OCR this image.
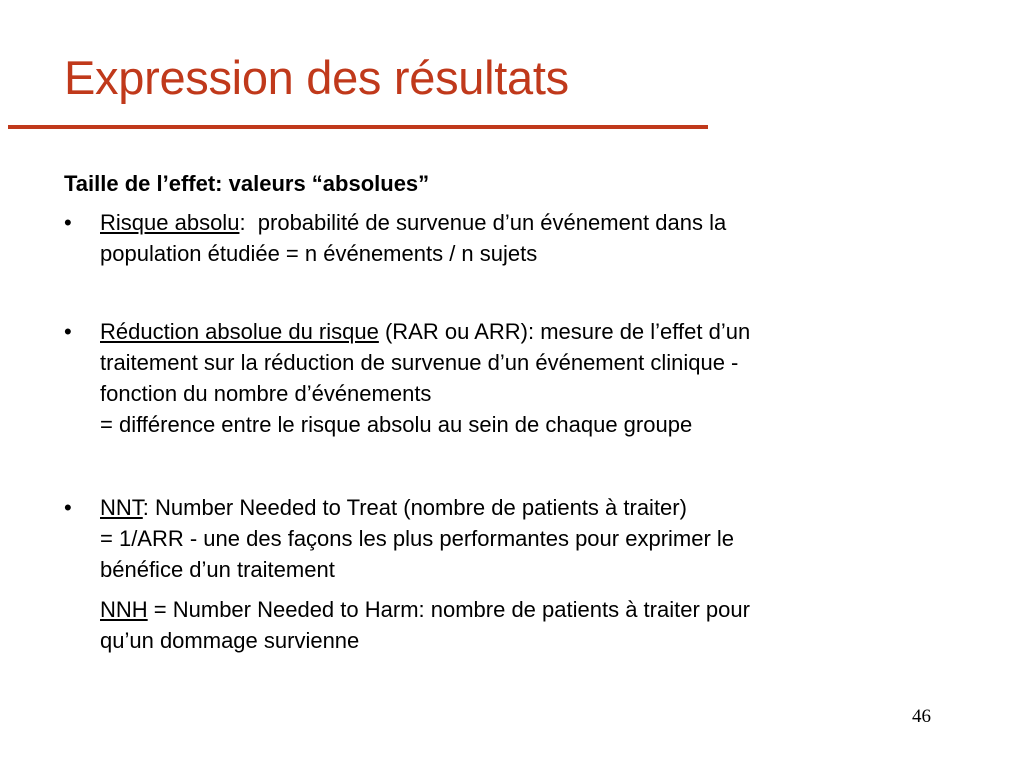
Expression des résultats

Taille de l’effet: valeurs “absolues”

•	Risque absolu:  probabilité de survenue d’un événement dans la
population étudiée = n événements / n sujets
•	Réduction absolue du risque (RAR ou ARR): mesure de l’effet d’un
traitement sur la réduction de survenue d’un événement clinique -
fonction du nombre d’événements
= différence entre le risque absolu au sein de chaque groupe
•	NNT: Number Needed to Treat (nombre de patients à traiter)
= 1/ARR - une des façons les plus performantes pour exprimer le
bénéfice d’un traitement
NNH = Number Needed to Harm: nombre de patients à traiter pour
qu’un dommage survienne
46
